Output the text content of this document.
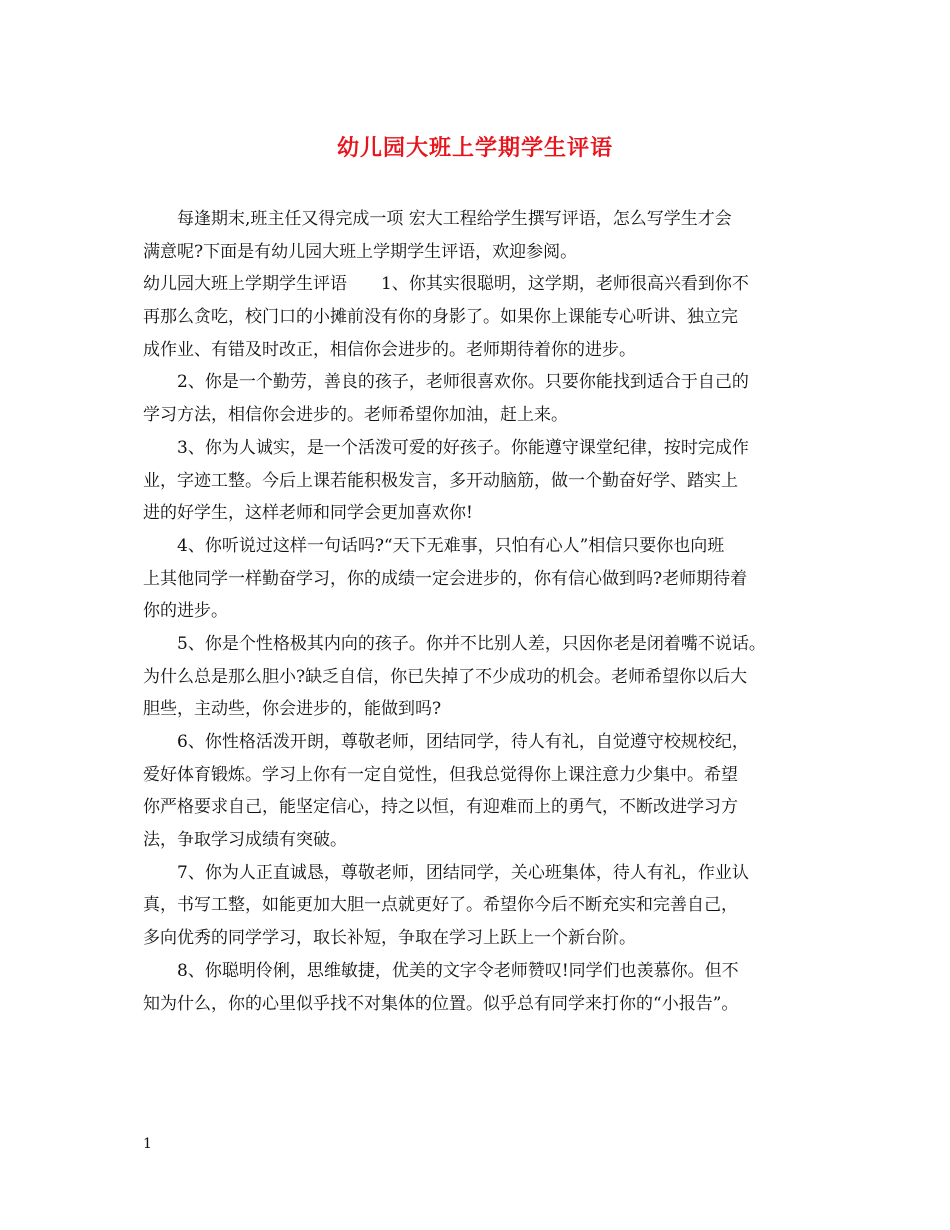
幼儿园大班上学期学生评语
　　每逢期末,班主任又得完成一项 宏大工程给学生撰写评语，怎么写学生才会
满意呢?下面是有幼儿园大班上学期学生评语，欢迎参阅。
幼儿园大班上学期学生评语　　1、你其实很聪明，这学期，老师很高兴看到你不
再那么贪吃，校门口的小摊前没有你的身影了。如果你上课能专心听讲、独立完
成作业、有错及时改正，相信你会进步的。老师期待着你的进步。
　　2、你是一个勤劳，善良的孩子，老师很喜欢你。只要你能找到适合于自己的
学习方法，相信你会进步的。老师希望你加油，赶上来。
　　3、你为人诚实，是一个活泼可爱的好孩子。你能遵守课堂纪律，按时完成作
业，字迹工整。今后上课若能积极发言，多开动脑筋，做一个勤奋好学、踏实上
进的好学生，这样老师和同学会更加喜欢你!
　　4、你听说过这样一句话吗?“天下无难事，只怕有心人”相信只要你也向班
上其他同学一样勤奋学习，你的成绩一定会进步的，你有信心做到吗?老师期待着
你的进步。
　　5、你是个性格极其内向的孩子。你并不比别人差，只因你老是闭着嘴不说话。
为什么总是那么胆小?缺乏自信，你已失掉了不少成功的机会。老师希望你以后大
胆些，主动些，你会进步的，能做到吗?
　　6、你性格活泼开朗，尊敬老师，团结同学，待人有礼，自觉遵守校规校纪，
爱好体育锻炼。学习上你有一定自觉性，但我总觉得你上课注意力少集中。希望
你严格要求自己，能坚定信心，持之以恒，有迎难而上的勇气，不断改进学习方
法，争取学习成绩有突破。
　　7、你为人正直诚恳，尊敬老师，团结同学，关心班集体，待人有礼，作业认
真，书写工整，如能更加大胆一点就更好了。希望你今后不断充实和完善自己，
多向优秀的同学学习，取长补短，争取在学习上跃上一个新台阶。
　　8、你聪明伶俐，思维敏捷，优美的文字令老师赞叹!同学们也羡慕你。但不
知为什么，你的心里似乎找不对集体的位置。似乎总有同学来打你的“小报告”。
1
